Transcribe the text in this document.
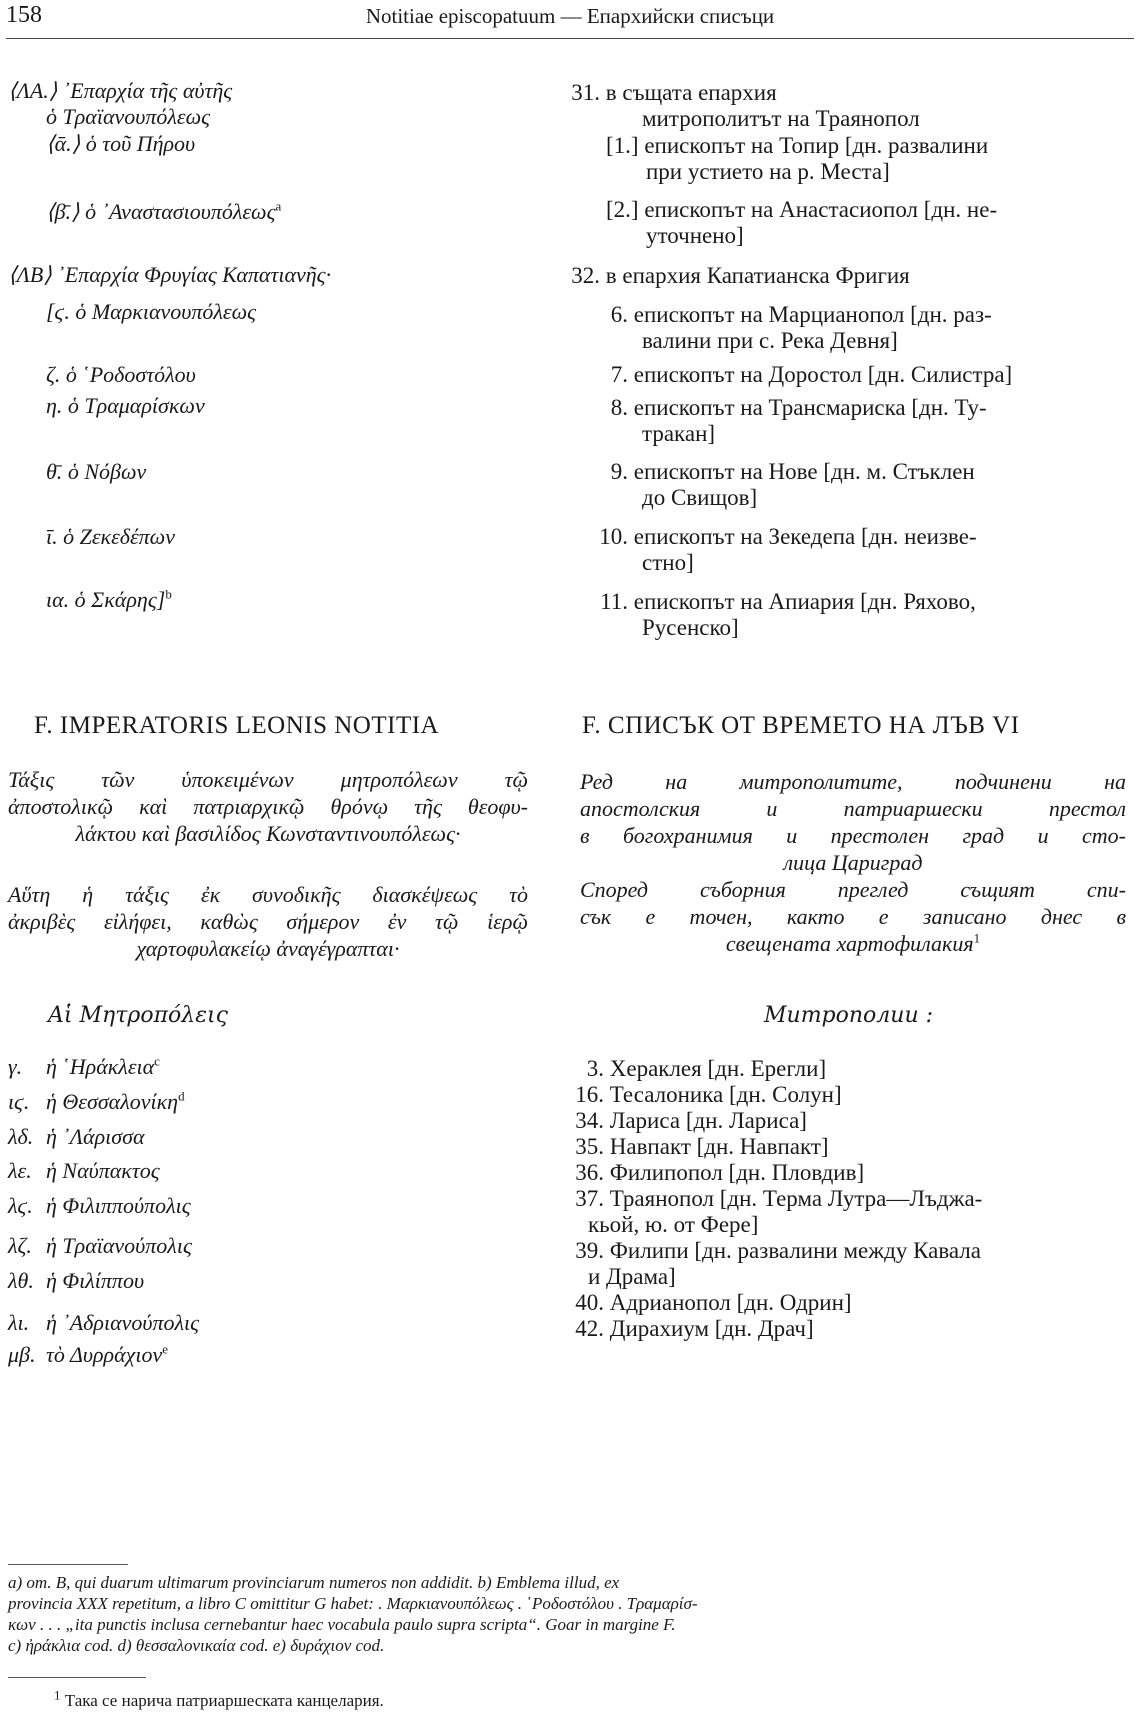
158	Notitiae episcopatuum — Епархийски списъци
⟨ΛΑ.⟩ ᾿Επαρχία τῆς αὐτῆς
ὁ Τραϊανουπόλεως
⟨ᾱ.⟩ ὁ τοῦ Πήρου
⟨β̄.⟩ ὁ ᾿Αναστασιουπόλεως$^a$
⟨ΛΒ⟩ ᾿Επαρχία Φρυγίας Καπατιανῆς·
[ϛ. ὁ Μαρκιανουπόλεως
ζ. ὁ ῾Ροδοστόλου
η. ὁ Τραμαρίσκων
θ̄. ὁ Νόβων
ῑ. ὁ Ζεκεδέπων
ια. ὁ Σκάρης]$^b$
31. в същата епархия
митрополитът на Траянопол
[1.] епископът на Топир [дн. развалини
при устието на р. Места]
[2.] епископът на Анастасиопол [дн. не-
уточнено]
32. в епархия Капатианска Фригия
6. епископът на Марцианопол [дн. раз-
валини при с. Река Девня]
7. епископът на Доростол [дн. Силистра]
8. епископът на Трансмариска [дн. Ту-
тракан]
9. епископът на Нове [дн. м. Стъклен
до Свищов]
10. епископът на Зекедепа [дн. неизве-
стно]
11. епископът на Апиария [дн. Ряхово,
Русенско]
F. IMPERATORIS LEONIS NOTITIA	F. СПИСЪК ОТ ВРЕМЕТО НА ЛЪВ VI
Τάξις τῶν ὑποκειμένων μητροπόλεων τῷ
ἀποστολικῷ καὶ πατριαρχικῷ θρόνῳ τῆς θεοφυ-
λάκτου καὶ βασιλίδος Κωνσταντινουπόλεως·
Αὕτη ἡ τάξις ἐκ συνοδικῆς διασκέψεως τὸ
ἀκριβὲς εἰλήφει, καθὼς σήμερον ἐν τῷ ἱερῷ
χαρτοφυλακείῳ ἀναγέγραπται·
Ред на митрополитите, подчинени на
апостолския и патриаршески престол
в богохранимия и престолен град и сто-
лица Цариград
Според съборния преглед същият спи-
сък е точен, както е записано днес в
свещената хартофилакия$^1$
Αἱ Μητροπόλεις	Митрополии :
γ. ἡ ῾Ηράκλεια$^c$
ιϛ. ἡ Θεσσαλονίκη$^d$
λδ. ἡ ᾿Λάρισσα
λε. ἡ Ναύπακτος
λϛ. ἡ Φιλιππούπολις
λζ. ἡ Τραϊανούπολις
λθ. ἡ Φιλίππου
λι. ἡ ᾿Αδριανούπολις
μβ. τὸ Δυρράχιον$^e$
3. Хераклея [дн. Ерегли]
16. Тесалоника [дн. Солун]
34. Лариса [дн. Лариса]
35. Навпакт [дн. Навпакт]
36. Филипопол [дн. Пловдив]
37. Траянопол [дн. Терма Лутра—Лъджа-
кьой, ю. от Фере]
39. Филипи [дн. развалини между Кавала
и Драма]
40. Адрианопол [дн. Одрин]
42. Дирахиум [дн. Драч]
a) om. B, qui duarum ultimarum provinciarum numeros non addidit. b) Emblema illud, ex
provincia XXX repetitum, a libro C omittitur G habet: . Μαρκιανουπόλεως . ῾Ροδοστόλου . Τραμαρίσ-
κων . . . „ita punctis inclusa cernebantur haec vocabula paulo supra scripta“. Goar in margine F.
c) ἠράκλια cod. d) θεσσαλονικαία cod. e) δυράχιον cod.
$^1$ Така се нарича патриаршеската канцелария.
